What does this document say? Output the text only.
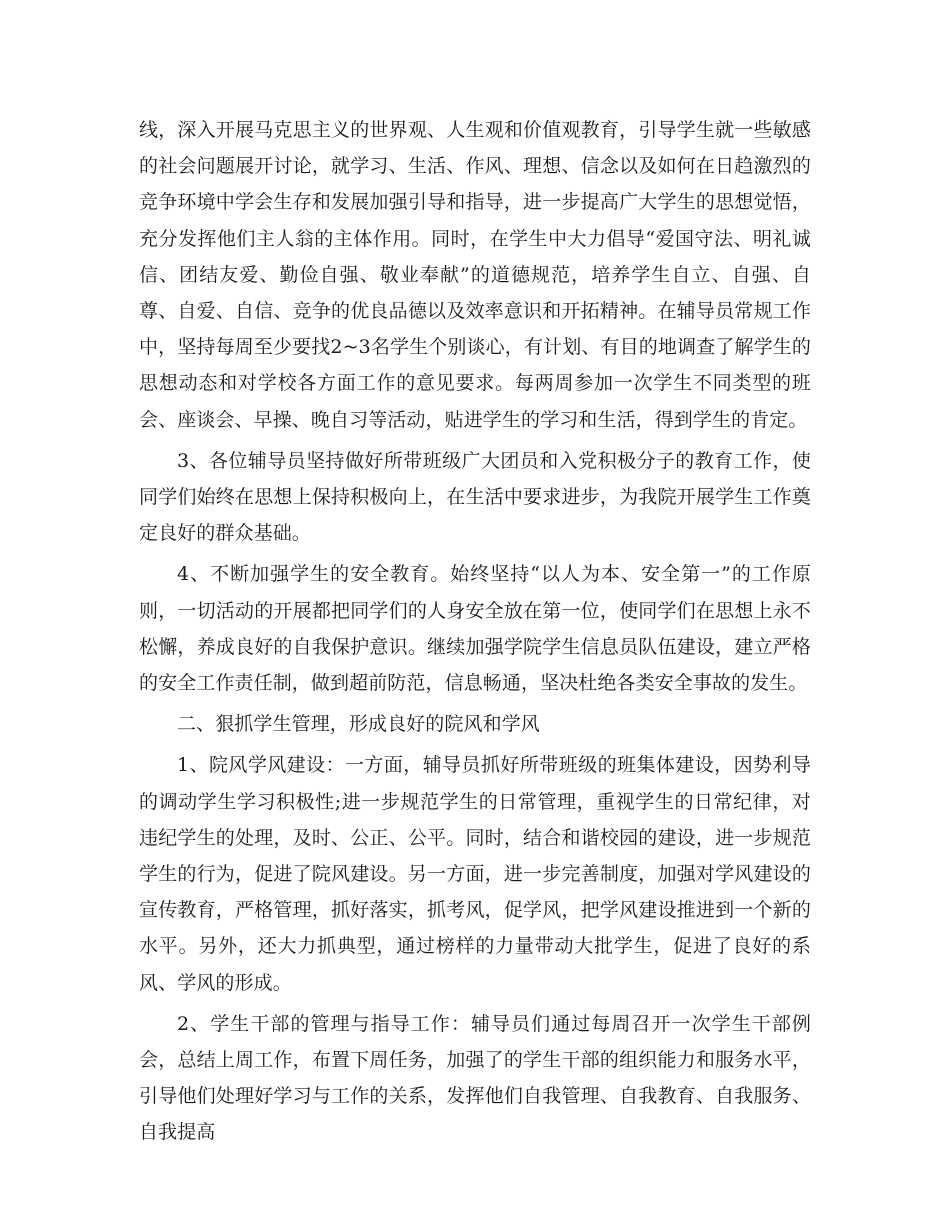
线，深入开展马克思主义的世界观、人生观和价值观教育，引导学生就一些敏感的社会问题展开讨论，就学习、生活、作风、理想、信念以及如何在日趋激烈的竞争环境中学会生存和发展加强引导和指导，进一步提高广大学生的思想觉悟，充分发挥他们主人翁的主体作用。同时，在学生中大力倡导“爱国守法、明礼诚信、团结友爱、勤俭自强、敬业奉献”的道德规范，培养学生自立、自强、自尊、自爱、自信、竞争的优良品德以及效率意识和开拓精神。在辅导员常规工作中，坚持每周至少要找2~3名学生个别谈心，有计划、有目的地调查了解学生的思想动态和对学校各方面工作的意见要求。每两周参加一次学生不同类型的班会、座谈会、早操、晚自习等活动，贴进学生的学习和生活，得到学生的肯定。

3、各位辅导员坚持做好所带班级广大团员和入党积极分子的教育工作，使同学们始终在思想上保持积极向上，在生活中要求进步，为我院开展学生工作奠定良好的群众基础。

4、不断加强学生的安全教育。始终坚持“以人为本、安全第一”的工作原则，一切活动的开展都把同学们的人身安全放在第一位，使同学们在思想上永不松懈，养成良好的自我保护意识。继续加强学院学生信息员队伍建设，建立严格的安全工作责任制，做到超前防范，信息畅通，坚决杜绝各类安全事故的发生。

二、狠抓学生管理，形成良好的院风和学风

1、院风学风建设：一方面，辅导员抓好所带班级的班集体建设，因势利导的调动学生学习积极性;进一步规范学生的日常管理，重视学生的日常纪律，对违纪学生的处理，及时、公正、公平。同时，结合和谐校园的建设，进一步规范学生的行为，促进了院风建设。另一方面，进一步完善制度，加强对学风建设的宣传教育，严格管理，抓好落实，抓考风，促学风，把学风建设推进到一个新的水平。另外，还大力抓典型，通过榜样的力量带动大批学生，促进了良好的系风、学风的形成。

2、学生干部的管理与指导工作：辅导员们通过每周召开一次学生干部例会，总结上周工作，布置下周任务，加强了的学生干部的组织能力和服务水平，引导他们处理好学习与工作的关系，发挥他们自我管理、自我教育、自我服务、自我提高
